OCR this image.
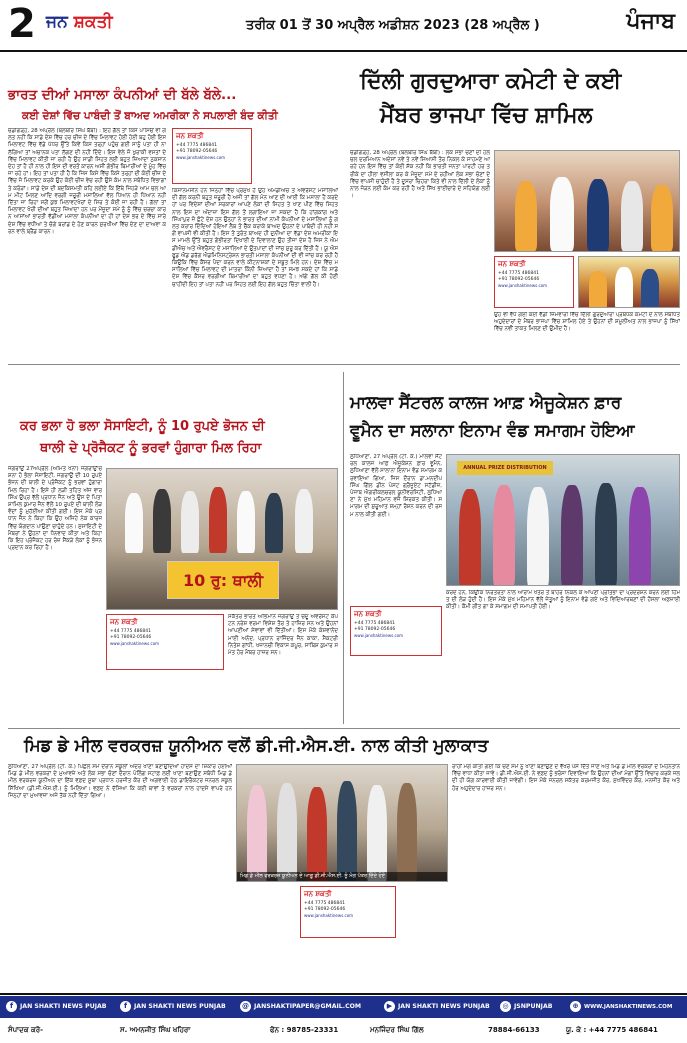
2 ਜਨ ਸ਼ਕਤੀ	ਤਰੀਕ 01 ਤੋਂ 30 ਅਪ੍ਰੈਲ ਅਡੀਸ਼ਨ 2023 (28 ਅਪ੍ਰੈਲ )	ਪੰਜਾਬ
ਭਾਰਤ ਦੀਆਂ ਮਸਾਲਾ ਕੰਪਨੀਆਂ ਦੀ ਬੱਲੇ ਬੱਲੇ...
ਕਈ ਦੇਸ਼ਾਂ ਵਿੱਚ ਪਾਬੰਦੀ ਤੋਂ ਬਾਅਦ ਅਮਰੀਕਾ ਨੇ ਸਪਲਾਈ ਬੰਦ ਕੀਤੀ
ਚੰਡੀਗੜ੍ਹ, 28 ਅਪ੍ਰੈਲ (ਬਲਬੀਰ ਸਿੰਘ ਬੱਬੀ) : ਇਹ ਗੱਲ ਤਾਂ ਕਿਸੇ ਪਾਸਿਓਂ ਵੀ ਗਲਤ ਨਹੀਂ ਕਿ ਸਾਡੇ ਦੇਸ਼ ਵਿੱਚ ਹਰ ਚੀਜ਼ ਦੇ ਵਿੱਚ ਮਿਲਾਵਟ ਹੋਈ ਹੋਈ ਬਹੁ ਹੋਈ ਇਸ ਮਿਲਾਵਟ ਵਿੱਚ ਵੱਡੇ ਪੱਧਰ ਉੱਤੇ ਕਿਵੇਂ ਕਿਸ ਤਰ੍ਹਾਂ ਪਹੁੰਚ ਗਈ ਸਾਨੂੰ ਪਤਾ ਹੀ ਨਾ ਲੱਗਿਆ ਤਾਂ ਅਚਾਨਕ ਪਤਾ ਲੱਗਣ ਦੀ ਨਹੀਂ ਦਿੰਦੇ। ਇਸ ਵੇਲੇ ਜੋ ਖੁਰਾਕੀ ਵਸਤਾਂ ਦੇ ਵਿੱਚ ਮਿਲਾਵਟ ਕੀਤੀ ਜਾ ਰਹੀ ਹੈ ਉਹ ਸਾਡੀ ਸਿਹਤ ਲਈ ਬਹੁਤ ਜ਼ਿਆਦਾ ਨੁਕਸਾਨਦੇਹ ਤਾਂ ਹੈ ਹੀ ਨਾਲ ਹੀ ਇਸ ਦੀ ਵਰਤੋਂ ਕਾਰਨ ਅਸੀਂ ਗੰਭੀਰ ਬਿਮਾਰੀਆਂ ਦੇ ਮੂੰਹ ਵਿੱਚ ਜਾ ਰਹੇ ਹਾਂ। ਇਹ ਤਾਂ ਪਤਾ ਹੀ ਹੈ ਕਿ ਜਿਸ ਕਿਸੇ ਵਿੱਚ ਕਿਸੇ ਤਰ੍ਹਾਂ ਦੀ ਕੋਈ ਚੀਜ਼ ਦੇ ਵਿੱਚ ਜੋ ਮਿਲਾਵਟ ਕਰਕੇ ਉਹ ਕੋਈ ਚੀਜ਼ ਵੇਚ ਰਹੀ ਉਸੇ ਕੰਮ ਨਾਲ ਸਬੰਧਿਤ ਵਿਭਾਗਾਂ ਤੇ ਕਰੋੜਾਂ। ਸਾਡੇ ਦੇਸ਼ ਦੀ ਬਦਕਿਸਮਤੀ ਕਹਿ ਲਈਏ ਕਿ ਇੱਥੇ ਜਿਹੜੇ ਆਮ ਚਲ ਆਮ ਮੀਟ ਮਿਲਣ ਆਦਿ ਵਰਗੀ ਜਰੂਰੀ ਮਸਾਲਿਆਂ ਵੱਲ ਧਿਆਨ ਹੀ ਧਿਆਨ ਨਹੀਂ ਦਿੱਤਾ ਜਾ ਰਿਹਾ ਸਗੋਂ ਕੁਝ ਮਿਲਾਵਟਖੋਰਾਂ ਦੇ ਸਿਰ ਤੇ ਕੋਈ ਜਾ ਰਹੀ ਹੈ। ਗੱਲਾਂ ਤਾਂ ਮਿਲਾਵਟ ਖੋਰੀ ਦੀਆਂ ਬਹੁਤ ਜ਼ਿਆਦਾ ਹਨ ਪਰ ਮੌਜੂਦਾ ਸਮੇਂ ਨੂੰ ਨੂੰ ਵਿੱਚ ਚਰਚਾ ਕਾਰਨ ਆਸਾਂਆਂ ਭਾਰਤੀ ਵੱਡੀਆਂ ਮਸਾਲਾ ਕੰਪਨੀਆਂ ਦਾ ਹੀ ਹਾਂ ਦੇਸ਼ ਭਰ ਦੇ ਵਿੱਚ ਸਾਰੇ ਦੇਸ਼ ਵਿੱਚ ਵਧੀਆ ਤੇ ਚੰਗੇ ਬਰਾਂਡ ਦੇ ਹੋਣ ਕਾਰਨ ਸੁਰਖੀਆਂ ਵਿੱਚ ਦੇਣ ਦਾ ਦਾਅਵਾ ਕਰਨ ਵਾਲੇ ਬ੍ਰੈਂਡ ਕਾਰਨ।
ਜਨ ਸ਼ਕਤੀ
+44 7775 486841
+91 78092-05646
www.janshaktinews.com
ਕਿਸਾਨਮਸੀਨ ਹਨ ਜਿਨ੍ਹਾਂ ਵਿੱਚ ਪ੍ਰਮੁੱਖ ਹੈ ਉਹ ਐਮਡੀਐਚ ਤੇ ਐਵਰੈਸਟ ਮਸਾਲਿਆਂ ਦੀ ਗੱਲ ਕਰਨੀ ਬਹੁਤ ਜ਼ਰੂਰੀ ਹੈ ਅਜੀ ਤਾਂ ਗੱਲ ਮੰਨ ਆਣ ਦੀ ਆਈ ਕਿ ਮਸਾਲਾ ਹੈ ਕਰਦੇ ਹਾਂ ਪਰ ਵਿਦੇਸ਼ਾਂ ਦੀਆਂ ਸਰਕਾਰਾਂ ਆਪਣੇ ਲੋਕਾਂ ਦੀ ਸਿਹਤ ਤੇ ਖਾਣ ਪੀਣ ਵਿੱਚ ਸਿਹਤ ਨਾਲ ਇਸ ਦਾ ਅੰਦਾਜ਼ਾ ਇਸ ਗੱਲ ਤੋਂ ਲਗਾਇਆ ਜਾ ਸਕਦਾ ਹੈ ਕਿ ਹਾਂਗਕਾਂਗ ਅਤੇ ਸਿੰਘਾਪੁਰ ਜੋ ਛੋਟੇ ਦੇਸ਼ ਹਨ ਉਨ੍ਹਾਂ ਨੇ ਭਾਰਤ ਦੀਆਂ ਨਾਮੀ ਕੰਪਨੀਆਂ ਦੇ ਮਸਾਲਿਆਂ ਨੂੰ ਗਲਤ ਕਰਾਰ ਦਿੰਦਿਆਂ ਹੋਇਆਂ ਲੈਬ ਤੋਂ ਚੈੱਕ ਕਰਾਕੇ ਬਾਅਦ ਉਹਨਾਂ ਦੇ ਪਾਬੰਦੀ ਹੀ ਨਹੀਂ ਸਗੋਂ ਵਾਪਸੀ ਵੀ ਕੀਤੀ ਹੈ। ਇਸ ਤੋਂ ਤੁਰੰਤ ਬਾਅਦ ਹੀ ਦੁਨੀਆ ਦਾ ਵੱਡਾ ਦੇਸ਼ ਅਮਰੀਕਾ ਇਸ ਮਾਮਲੇ ਉੱਤੇ ਬਹੁਤ ਗੰਭੀਰਤਾ ਦਿਖਾਈ ਦੇ ਦਿਵਾਲਾਣ ਉਹ ਤੀਜਾ ਦੇਸ਼ ਹੈ ਜਿਸ ਨੇ ਐਮਡੀਐਚ ਅਤੇ ਐਵਰੈਸਟ ਦੇ ਮਸਾਲਿਆਂ ਦੇ ਉਤਪਾਦਾਂ ਦੀ ਜਾਂਚ ਸ਼ੁਰੂ ਕਰ ਦਿੱਤੀ ਹੈ। ਯੂ ਐਸ ਫੂਡ ਐਂਡ ਡਰੱਗ ਐਡਮਿਨਿਸਟ੍ਰੇਸ਼ਨ ਭਾਰਤੀ ਮਸਾਲਾ ਕੰਪਨੀਆਂ ਦੀ ਵੀ ਜਾਂਚ ਕਰ ਰਹੀ ਹੈ ਕਿਉਂਕਿ ਵਿੱਚ ਕੈਂਸਰ ਪੈਦਾ ਕਰਨ ਵਾਲੇ ਕੀਟਨਾਸ਼ਕਾਂ ਦੇ ਸਬੂਤ ਮਿਲੇ ਹਨ। ਦੇਸ਼ ਵਿੱਚ ਮਸਾਲਿਆਂ ਵਿੱਚ ਮਿਲਾਵਟ ਦੀ ਮਾਤਰਾ ਕਿੰਨੀ ਜ਼ਿਆਦਾ ਹੈ ਤਾਂ ਸਮਝ ਸਕਦੇ ਹਾਂ ਕਿ ਸਾਡੇ ਦੇਸ਼ ਵਿੱਚ ਕੈਂਸਰ ਵਰਗੀਆਂ ਬਿਮਾਰੀਆਂ ਦਾ ਬਹੁਤ ਵਧਣਾ ਹੈ। ਅੱਗੇ ਗੱਲ ਕੀ ਹੋਣੀ ਚਾਹੀਦੀ ਇਹ ਤਾਂ ਪਤਾ ਨਹੀਂ ਪਰ ਸਿਹਤ ਲਈ ਇਹ ਗੱਲ ਬਹੁਤ ਚਿੰਤਾ ਵਾਲੀ ਹੈ।
ਦਿੱਲੀ ਗੁਰਦੁਆਰਾ ਕਮੇਟੀ ਦੇ ਕਈ
ਮੈਂਬਰ ਭਾਜਪਾ ਵਿੱਚ ਸ਼ਾਮਿਲ
ਚੰਡੀਗੜ੍ਹ, 28 ਅਪ੍ਰੈਲ (ਬਲਬੀਰ ਸਿੰਘ ਬੱਬੀ) : ਲੋਕ ਸਭਾ ਚੋਣਾਂ ਦੀ ਹਲਚਲ ਦਰਮਿਆਨ ਅਦੇਸਾਂ ਨਵੇਂ ਤੇ ਨਵੇਂ ਸਿਆਸੀ ਤੌਰ ਨਿਕਲ ਕੇ ਸਾਹਮਣੇ ਆ ਰਹੇ ਹਨ ਇਸ ਵਿੱਚ ਤਾਂ ਕੋਈ ਸ਼ੱਕ ਨਹੀਂ ਕਿ ਭਾਰਤੀ ਜਨਤਾ ਪਾਰਟੀ ਹਰ ਤਰੀਕੇ ਦਾ ਹੀਲਾ ਵਸੀਲਾ ਕਰ ਕੇ ਮੌਜੂਦਾ ਸਮੇਂ ਦੇ ਰਹੀਆਂ ਲੋਕ ਸਭਾ ਚੋਣਾਂ ਦੇ ਵਿੱਚ ਵਾਪਸੀ ਚਾਹੁੰਦੀ ਹੈ ਤੇ ਦੂਸਰਾ ਚਿਹਰਾ ਕਿਤੇ ਵੀ ਨਾਲ ਦਿੱਲੀ ਦੇ ਲੋਕਾਂ ਨੂੰ ਨਾਲ ਜੋੜਨ ਲਈ ਕੰਮ ਕਰ ਰਹੀ ਹੈ ਅਤੇ ਸਿੱਖ ਭਾਈਚਾਰੇ ਦੇ ਸਹਿਯੋਗ ਲਈ।
ਜਨ ਸ਼ਕਤੀ
+44 7775 486841
+91 78092-05646
www.janshaktinews.com
ਉਹ ਵੀ ਵੱਧ ਗਈ ਕਈ ਵੱਡੀ ਜ਼ਿੰਮੇਵਾਰੀ ਵਿੱਚ ਦਿੱਲੀ ਗੁਰਦੁਆਰਾ ਪ੍ਰਬੰਧਕ ਕਮੇਟੀ ਦੇ ਨਾਲ ਸਬੰਧਿਤ ਅਹੁਦੇਦਾਰਾਂ ਦੇ ਮੈਂਬਰ ਭਾਜਪਾ ਵਿੱਚ ਸ਼ਾਮਿਲ ਹੋਏ ਤੇ ਉਹਨਾਂ ਦੀ ਸ਼ਮੂਲੀਅਤ ਨਾਲ ਭਾਜਪਾ ਨੂੰ ਸਿੱਖਾਂ ਵਿੱਚ ਨਵੀਂ ਤਾਕਤ ਮਿਲਣ ਦੀ ਉਮੀਦ ਹੈ।
ਕਰ ਭਲਾ ਹੋ ਭਲਾ ਸੋਸਾਇਟੀ, ਨੂੰ 10 ਰੁਪਏ ਭੋਜਨ ਦੀ
ਥਾਲੀ ਦੇ ਪ੍ਰੋਜੈਕਟ ਨੂੰ ਭਰਵਾਂ ਹੁੰਗਾਰਾ ਮਿਲ ਰਿਹਾ
ਜਗਰਾਉਂ 27ਅਪ੍ਰੈਲ (ਅਮਿਤ ਖੰਨਾ) ਜਗਰਾਉਂ'ਚ ਸ਼ਨਾ ਹੋ ਭੰਲਾ ਸੋਸਾਇਟੀ, ਜਗਰਾਉਂ ਦੀ 10 ਰੁਪਏ ਭੋਜਨ ਦੀ ਥਾਲੀ ਦੇ ਪ੍ਰੋਜੈਕਟ ਨੂੰ ਭਰਵਾਂ ਹੁੰਗਾਰਾ ਮਿਲ ਰਿਹਾ ਹੈ। ਇਸੇ ਹੀ ਲੜੀ ਤਹਿਤ ਅੱਜ ਵਾਰ ਸਿੰਘ ਉਪ੍ਰ ਵੱਲੋਂ ਪ੍ਰਧਾਨ ਜੈਨ ਅਤੇ ਉਸ ਦੇ ਪਿਤਾ ਸ਼ਾਮਿਲ ਕੁਮਾਰ ਜੈਨ ਵੱਲੋਂ 10 ਰੁਪਏ ਦੀ ਥਾਲੀ ਲੋੜਵੰਦਾਂ ਨੂੰ ਮੁਹੱਈਆ ਕੀਤੀ ਗਈ। ਇਸ ਮੌਕੇ ਪ੍ਰਧਾਨ ਜੈਨ ਨੇ ਕਿਹਾ ਕਿ ਉਹ ਅਜਿਹੇ ਨੇਕ ਕਾਰਜ ਵਿੱਚ ਯੋਗਦਾਨ ਪਾਉਣਾ ਚਾਹੁੰਦੇ ਹਨ। ਸੁਸਾਇਟੀ ਦੇ ਮੈਂਬਰਾਂ ਨੇ ਉਹਨਾਂ ਦਾ ਧੰਨਵਾਦ ਕੀਤਾ ਅਤੇ ਕਿਹਾ ਕਿ ਇਹ ਪ੍ਰੋਜੈਕਟ ਹਰ ਰੋਜ਼ ਸੈਂਕੜੇ ਲੋਕਾਂ ਨੂੰ ਭੋਜਨ ਪ੍ਰਦਾਨ ਕਰ ਰਿਹਾ ਹੈ।
10 ਰੁ: ਥਾਲੀ
ਸਕੱਤਰ ਭਾਰਤ ਅਭਿਮਾਨ ਜਗਰਾਉਂ ਤੇ ਚੰਦੂ ਐਵਰੈਸਟ ਕੈਪਟਨ ਨਰੇਸ਼ ਵਰਮਾ ਵਿਸ਼ੇਸ਼ ਤੌਰ ਤੇ ਹਾਜ਼ਿਰ ਸਨ ਅਤੇ ਉਹਨਾਂ ਆਪਣੀਆਂ ਸੇਵਾਵਾਂ ਵੀ ਦਿੱਤੀਆਂ। ਇਸ ਮੌਕੇ ਕੇਸ਼ਵਾਨੰਦ ਮਾਈ ਅਨੋਦ, ਪ੍ਰਧਾਨ ਰਾਜਿੰਦਰ ਜੈਨ ਕਾਕਾ, ਸੈਕਟਰੀ ਨਿਤੇਸ਼ ਗਾਂਧੀ, ਖਜਾਨਚੀ ਵਿਕਾਸ ਕਪੂਰ, ਸਾਬਿਸ਼ ਕੁਮਾਰ ਸਮੇਤ ਹੋਰ ਮੈਂਬਰ ਹਾਜ਼ਰ ਸਨ।
ਜਨ ਸ਼ਕਤੀ
+44 7775 486841
+91 78092-05646
www.janshaktinews.com
ਮਾਲਵਾ ਸੈਂਟਰਲ ਕਾਲਜ ਆਫ਼ ਐਜੂਕੇਸ਼ਨ ਫ਼ਾਰ
ਵੂਮੈਨ ਦਾ ਸਲਾਨਾ ਇਨਾਮ ਵੰਡ ਸਮਾਗਮ ਹੋਇਆ
ਲੁਧਿਆਣਾ, 27 ਅਪ੍ਰੈਲ (ਟੀ. ਕੇ.) ਮਾਲਵਾ ਸੈਂਟਰਲ ਕਾਲਜ ਆਫ਼ ਐਜੂਕੇਸ਼ਨ ਫ਼ਾਰ ਵੂਮੈਨ, ਲੁਧਿਆਣਾ ਵੱਲੋਂ ਸਾਲਾਨਾ ਇਨਾਮ ਵੰਡ ਸਮਾਗਮ ਕਰਵਾਇਆ ਗਿਆ, ਜਿਸ ਦੌਰਾਨ ਡਾ.ਮਨਦੀਪ ਸਿੰਘ ਗਿੱਲ ਡੀਨ ਪੋਸਟ ਗ੍ਰੈਜੂਏਟ ਸਟੱਡੀਜ਼, ਪੰਜਾਬ ਐਗਰੀਕਲਚਰਲ ਯੂਨੀਵਰਸਿਟੀ, ਲੁਧਿਆਣਾ ਨੇ ਮੁੱਖ ਮਹਿਮਾਨ ਵਜੋਂ ਸ਼ਿਰਕਤ ਕੀਤੀ। ਸਮਾਗਮ ਦੀ ਸ਼ੁਰੂਆਤ ਸ਼ਮ੍ਹਾਂ ਰੌਸ਼ਨ ਕਰਨ ਦੀ ਰਸਮ ਨਾਲ ਕੀਤੀ ਗਈ।
ANNUAL PRIZE DISTRIBUTION
ਜਨ ਸ਼ਕਤੀ
+44 7775 486841
+91 78092-05646
www.janshaktinews.com
ਕਰਦੇ ਹਨ, ਕਿਉਂਕਿ ਨਿਰੰਤਰਤਾ ਨਾਲ ਆਰਾਮ ਖੇਤਰ ਤੋਂ ਬਾਹਰ ਨਿਕਲ ਕੇ ਆਪਣੀ ਪ੍ਰਤਿਭਾ ਦਾ ਪ੍ਰਦਰਸ਼ਨ ਕਰਨ ਲਈ ਹਿੰਮਤ ਦੀ ਲੋੜ ਹੁੰਦੀ ਹੈ। ਇਸ ਮੌਕੇ ਮੁੱਖ ਮਹਿਮਾਨ ਵੱਲੋਂ ਜੇਤੂਆਂ ਨੂੰ ਇਨਾਮ ਵੰਡੇ ਗਏ ਅਤੇ ਵਿਦਿਆਰਥਣਾਂ ਦੀ ਹੌਸਲਾ ਅਫ਼ਜ਼ਾਈ ਕੀਤੀ। ਕੌਮੀ ਗੀਤ ਗਾ ਕੇ ਸਮਾਗਮ ਦੀ ਸਮਾਪਤੀ ਹੋਈ।
ਮਿਡ ਡੇ ਮੀਲ ਵਰਕਰਜ਼ ਯੂਨੀਅਨ ਵਲੋਂ ਡੀ.ਜੀ.ਐਸ.ਈ. ਨਾਲ ਕੀਤੀ ਮੁਲਾਕਾਤ
ਲੁਧਿਆਣਾ, 27 ਅਪ੍ਰੈਲ (ਟੀ. ਕੇ.) ਪਿਛਲੇ ਸਮੇਂ ਦੌਰਾਨ ਸਕੂਲਾਂ ਅੰਦਰ ਖਾਣਾ ਬਣਾਉਂਦਿਆਂ ਹਾਦਸੇ ਦਾ ਸ਼ਿਕਾਰ ਹੋਈਆਂ ਮਿਡ ਡੇ ਮੀਲ ਵਰਕਰਾਂ ਦੇ ਮੁਆਵਜ਼ੇ ਅਤੇ ਲੋਕ ਸਭਾ ਚੋਣਾਂ ਦੌਰਾਨ ਪੋਲਿੰਗ ਸਟਾਫ਼ ਲਈ ਖਾਣਾ ਬਣਾਉਣ ਸਬੰਧੀ ਮਿਡ ਡੇ ਮੀਲ ਵਰਕਰਜ਼ ਯੂਨੀਅਨ ਦਾ ਇੱਕ ਵਫ਼ਦ ਸੂਬਾ ਪ੍ਰਧਾਨ ਹਰਜੀਤ ਕੌਰ ਦੀ ਅਗਵਾਈ ਹੇਠ ਡਾਇਰੈਕਟਰ ਜਨਰਲ ਸਕੂਲ ਸਿੱਖਿਆ (ਡੀ.ਜੀ.ਐਸ.ਈ.) ਨੂੰ ਮਿਲਿਆ। ਵਫ਼ਦ ਨੇ ਦੱਸਿਆ ਕਿ ਕਈ ਥਾਵਾਂ ਤੇ ਵਰਕਰਾਂ ਨਾਲ ਹਾਦਸੇ ਵਾਪਰੇ ਹਨ ਜਿਨ੍ਹਾਂ ਦਾ ਮੁਆਵਜ਼ਾ ਅਜੇ ਤੱਕ ਨਹੀਂ ਦਿੱਤਾ ਗਿਆ।
ਮਿਡ ਡੇ ਮੀਲ ਵਰਕਰਜ਼ ਯੂਨੀਅਨ ਦੇ ਆਗੂ ਡੀ.ਜੀ.ਐਸ.ਈ. ਨੂੰ ਮੰਗ ਪੱਤਰ ਦਿੰਦੇ ਹੋਏ
ਜਨ ਸ਼ਕਤੀ
+44 7775 486841
+91 78092-05646
www.janshaktinews.com
ਰਾਹੀਂ ਮੰਗ ਕੀਤੀ ਗਈ ਕਿ ਚੋਣ ਸਮੇਂ ਨੂੰ ਖਾਣਾ ਬਣਾਉਣ ਦੇ ਵੱਖਰੇ ਪੈਸੇ ਦਿੱਤੇ ਜਾਣ ਅਤੇ ਮਿਡ ਡੇ ਮੀਲ ਵਰਕਰਾਂ ਦੇ ਮਿਹਨਤਾਨੇ ਵਿੱਚ ਵਾਧਾ ਕੀਤਾ ਜਾਵੇ। ਡੀ.ਜੀ.ਐਸ.ਈ. ਨੇ ਵਫ਼ਦ ਨੂੰ ਭਰੋਸਾ ਦਿਵਾਇਆ ਕਿ ਉਹਨਾਂ ਦੀਆਂ ਮੰਗਾਂ ਉੱਤੇ ਵਿਚਾਰ ਕਰਕੇ ਜਲਦੀ ਹੀ ਯੋਗ ਕਾਰਵਾਈ ਕੀਤੀ ਜਾਵੇਗੀ। ਇਸ ਮੌਕੇ ਜਨਰਲ ਸਕੱਤਰ ਕਰਮਜੀਤ ਕੌਰ, ਸੁਖਵਿੰਦਰ ਕੌਰ, ਮਨਜੀਤ ਕੌਰ ਅਤੇ ਹੋਰ ਅਹੁਦੇਦਾਰ ਹਾਜ਼ਰ ਸਨ।
f JAN SHAKTI NEWS PUJAB	f JAN SHAKTI NEWS PUNJAB @ JANSHAKTIPAPER@GMAIL.COM	▶ JAN SHAKTI NEWS PUNJAB	◎ JSNPUNJAB	⊕ WWW.JANSHAKTINEWS.COM
ਸੰਪਾਦਕ ਕਰੋ-	ਸ. ਅਮਨਜੀਤ ਸਿੰਘ ਖਹਿਰਾ	ਫੋਨ : 98785-23331	ਮਨਜਿੰਦਰ ਸਿੰਘ ਗਿੱਲ	78884-66133	ਯੂ. ਕੇ : +44 7775 486841
